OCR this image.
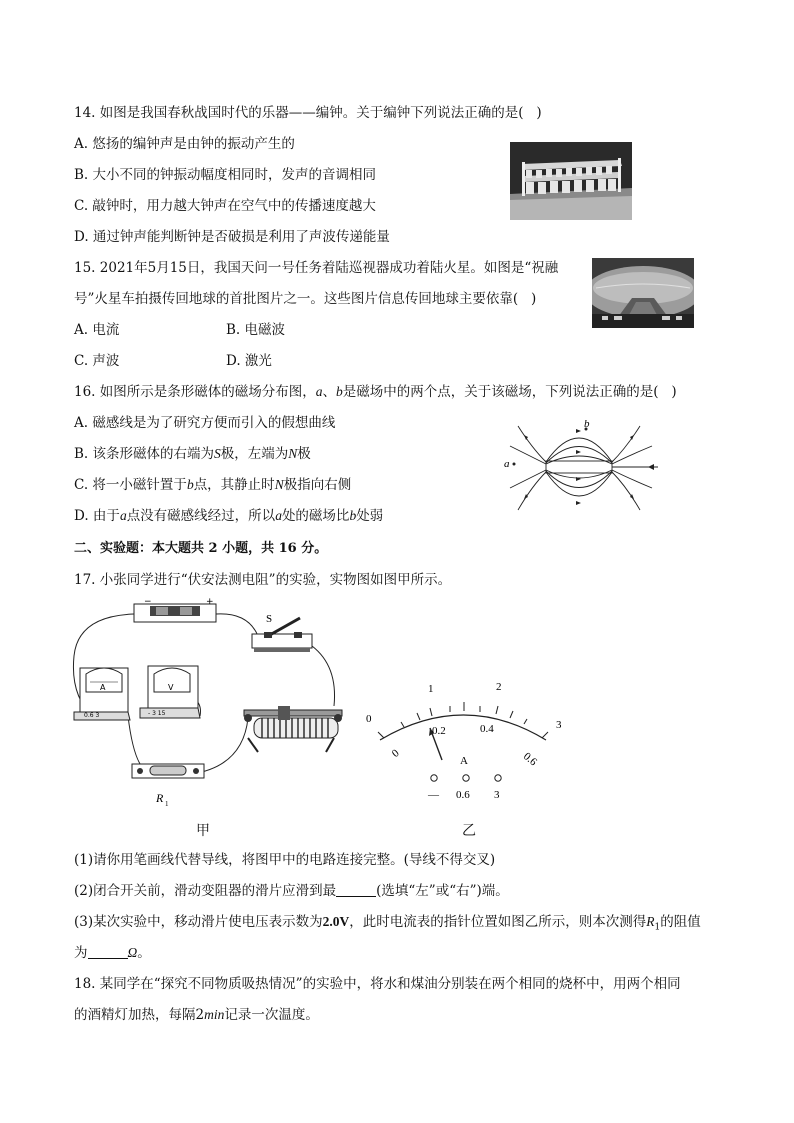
14. 如图是我国春秋战国时代的乐器——编钟。关于编钟下列说法正确的是(   )
A. 悠扬的编钟声是由钟的振动产生的
B. 大小不同的钟振动幅度相同时，发声的音调相同
C. 敲钟时，用力越大钟声在空气中的传播速度越大
D. 通过钟声能判断钟是否破损是利用了声波传递能量
15. 2021年5月15日，我国天问一号任务着陆巡视器成功着陆火星。如图是“祝融
号”火星车拍摄传回地球的首批图片之一。这些图片信息传回地球主要依靠(   )
A. 电流	B. 电磁波
C. 声波	D. 激光
16. 如图所示是条形磁体的磁场分布图，a、b是磁场中的两个点，关于该磁场，下列说法正确的是(   )
A. 磁感线是为了研究方便而引入的假想曲线
B. 该条形磁体的右端为S极，左端为N极
C. 将一小磁针置于b点，其静止时N极指向右侧
D. 由于a点没有磁感线经过，所以a处的磁场比b处弱
a
b
二、实验题：本大题共 2 小题，共 16 分。
17. 小张同学进行“伏安法测电阻”的实验，实物图如图甲所示。
−	+
S
A
0.6 3
V
- 3 15
R 1
甲
0
1	2
3
0
0.2	0.4
0.6
A
— 0.6 3
乙
(1)请你用笔画线代替导线，将图甲中的电路连接完整。(导线不得交叉)
(2)闭合开关前，滑动变阻器的滑片应滑到最	(选填“左”或“右”)端。
(3)某次实验中，移动滑片使电压表示数为2.0V，此时电流表的指针位置如图乙所示，则本次测得$R_1$的阻值
为	Ω。
18. 某同学在“探究不同物质吸热情况”的实验中，将水和煤油分别装在两个相同的烧杯中，用两个相同
的酒精灯加热，每隔2min记录一次温度。
